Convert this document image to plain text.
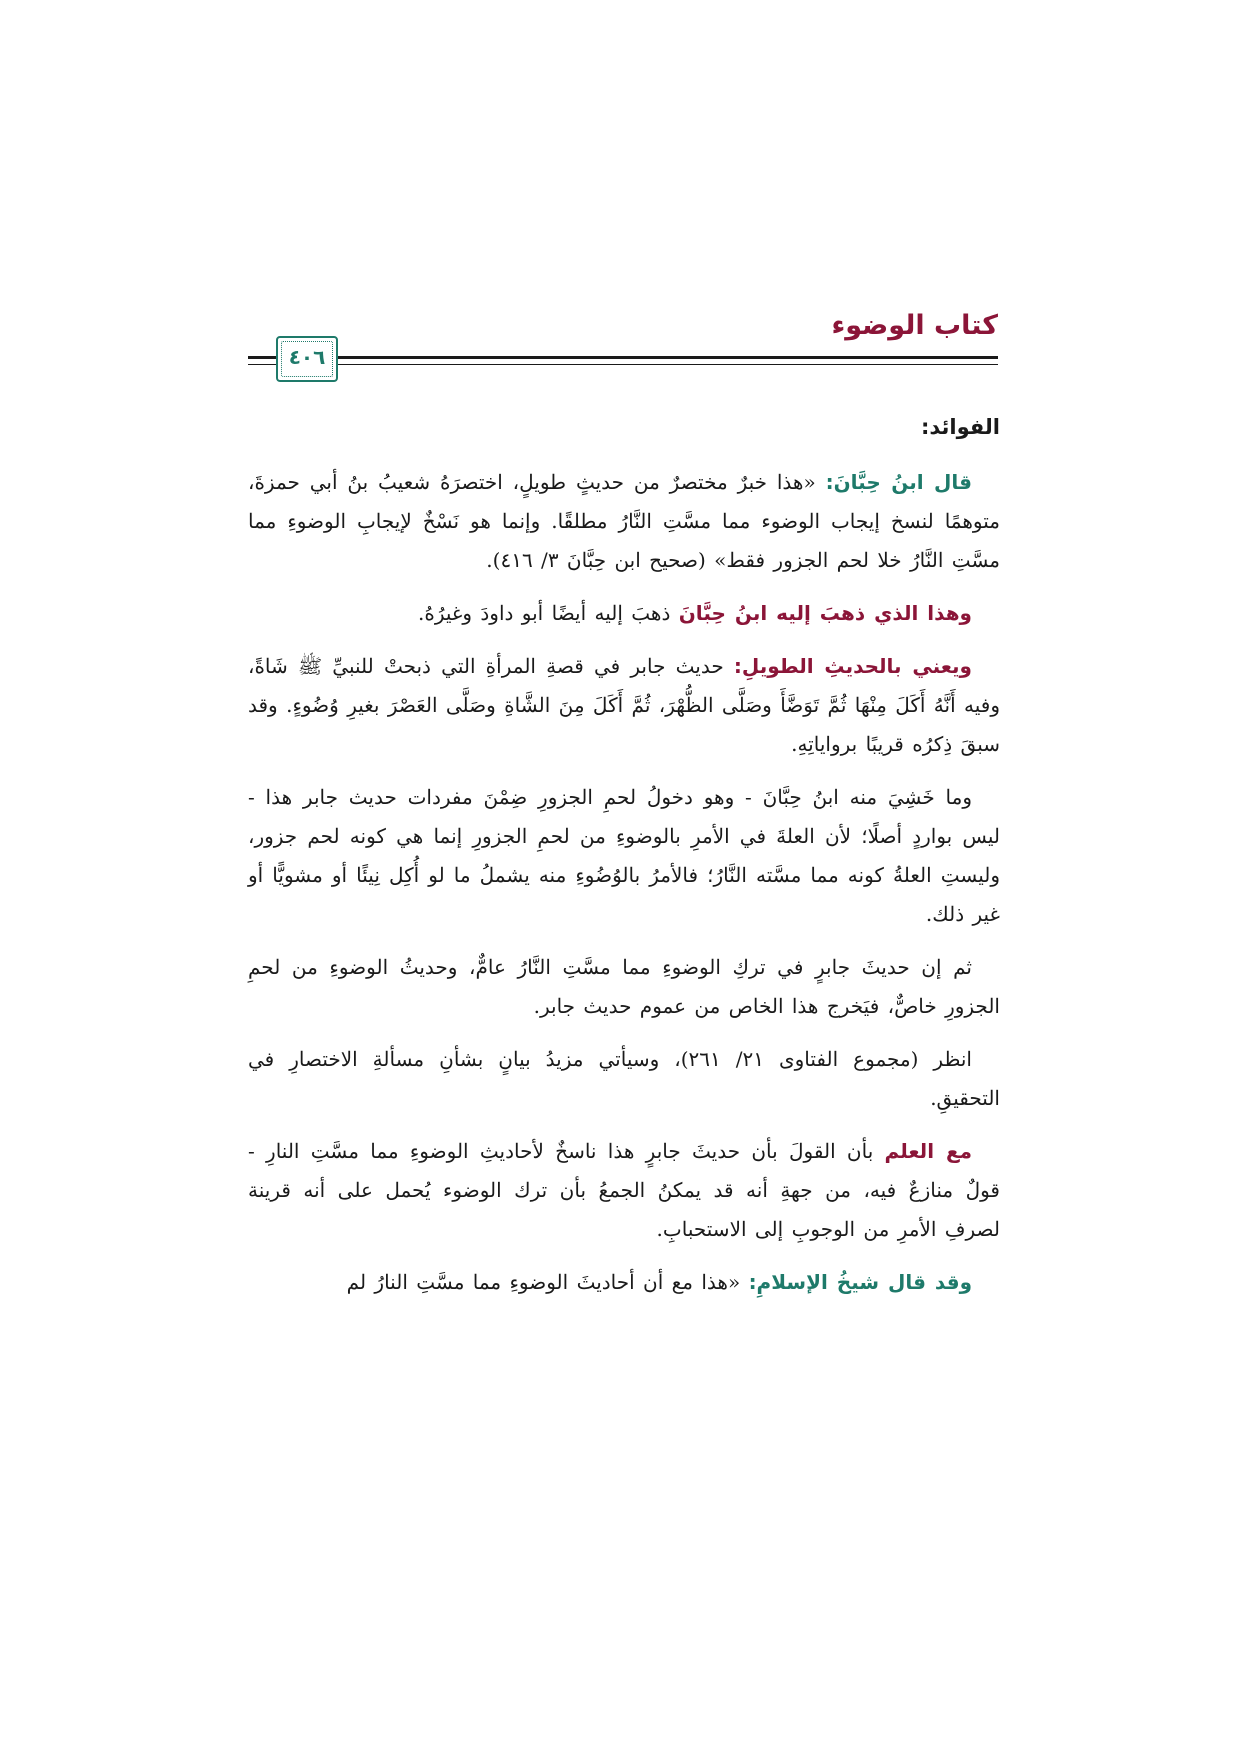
كتاب الوضوء
٤٠٦

الفوائد:

قال ابنُ حِبَّانَ: «هذا خبرٌ مختصرٌ من حديثٍ طويلٍ، اختصرَهُ شعيبُ بنُ أبي حمزةَ، متوهمًا لنسخ إيجاب الوضوء مما مسَّتِ النَّارُ مطلقًا. وإنما هو نَسْخٌ لإيجابِ الوضوءِ مما مسَّتِ النَّارُ خلا لحم الجزور فقط» (صحيح ابن حِبَّانَ ٣/ ٤١٦).

وهذا الذي ذهبَ إليه ابنُ حِبَّانَ ذهبَ إليه أيضًا أبو داودَ وغيرُهُ.

ويعني بالحديثِ الطويلِ: حديث جابر في قصةِ المرأةِ التي ذبحتْ للنبيِّ ﷺ شَاةً، وفيه أَنَّهُ أَكَلَ مِنْهَا ثُمَّ تَوَضَّأَ وصَلَّى الظُّهْرَ، ثُمَّ أَكَلَ مِنَ الشَّاةِ وصَلَّى العَصْرَ بغيرِ وُضُوءٍ. وقد سبقَ ذِكرُه قريبًا برواياتِهِ.

وما خَشِيَ منه ابنُ حِبَّانَ - وهو دخولُ لحمِ الجزورِ ضِمْنَ مفردات حديث جابر هذا - ليس بواردٍ أصلًا؛ لأن العلةَ في الأمرِ بالوضوءِ من لحمِ الجزورِ إنما هي كونه لحم جزور، وليستِ العلةُ كونه مما مسَّته النَّارُ؛ فالأمرُ بالوُضُوءِ منه يشملُ ما لو أُكِل نِيئًا أو مشويًّا أو غير ذلك.

ثم إن حديثَ جابرٍ في تركِ الوضوءِ مما مسَّتِ النَّارُ عامٌّ، وحديثُ الوضوءِ من لحمِ الجزورِ خاصٌّ، فيَخرج هذا الخاص من عموم حديث جابر.

انظر (مجموع الفتاوى ٢١/ ٢٦١)، وسيأتي مزيدُ بيانٍ بشأنِ مسألةِ الاختصارِ في التحقيقِ.

مع العلم بأن القولَ بأن حديثَ جابرٍ هذا ناسخٌ لأحاديثِ الوضوءِ مما مسَّتِ النارِ - قولٌ منازعٌ فيه، من جهةِ أنه قد يمكنُ الجمعُ بأن ترك الوضوء يُحمل على أنه قرينة لصرفِ الأمرِ من الوجوبِ إلى الاستحبابِ.

وقد قال شيخُ الإسلامِ: «هذا مع أن أحاديثَ الوضوءِ مما مسَّتِ النارُ لم
